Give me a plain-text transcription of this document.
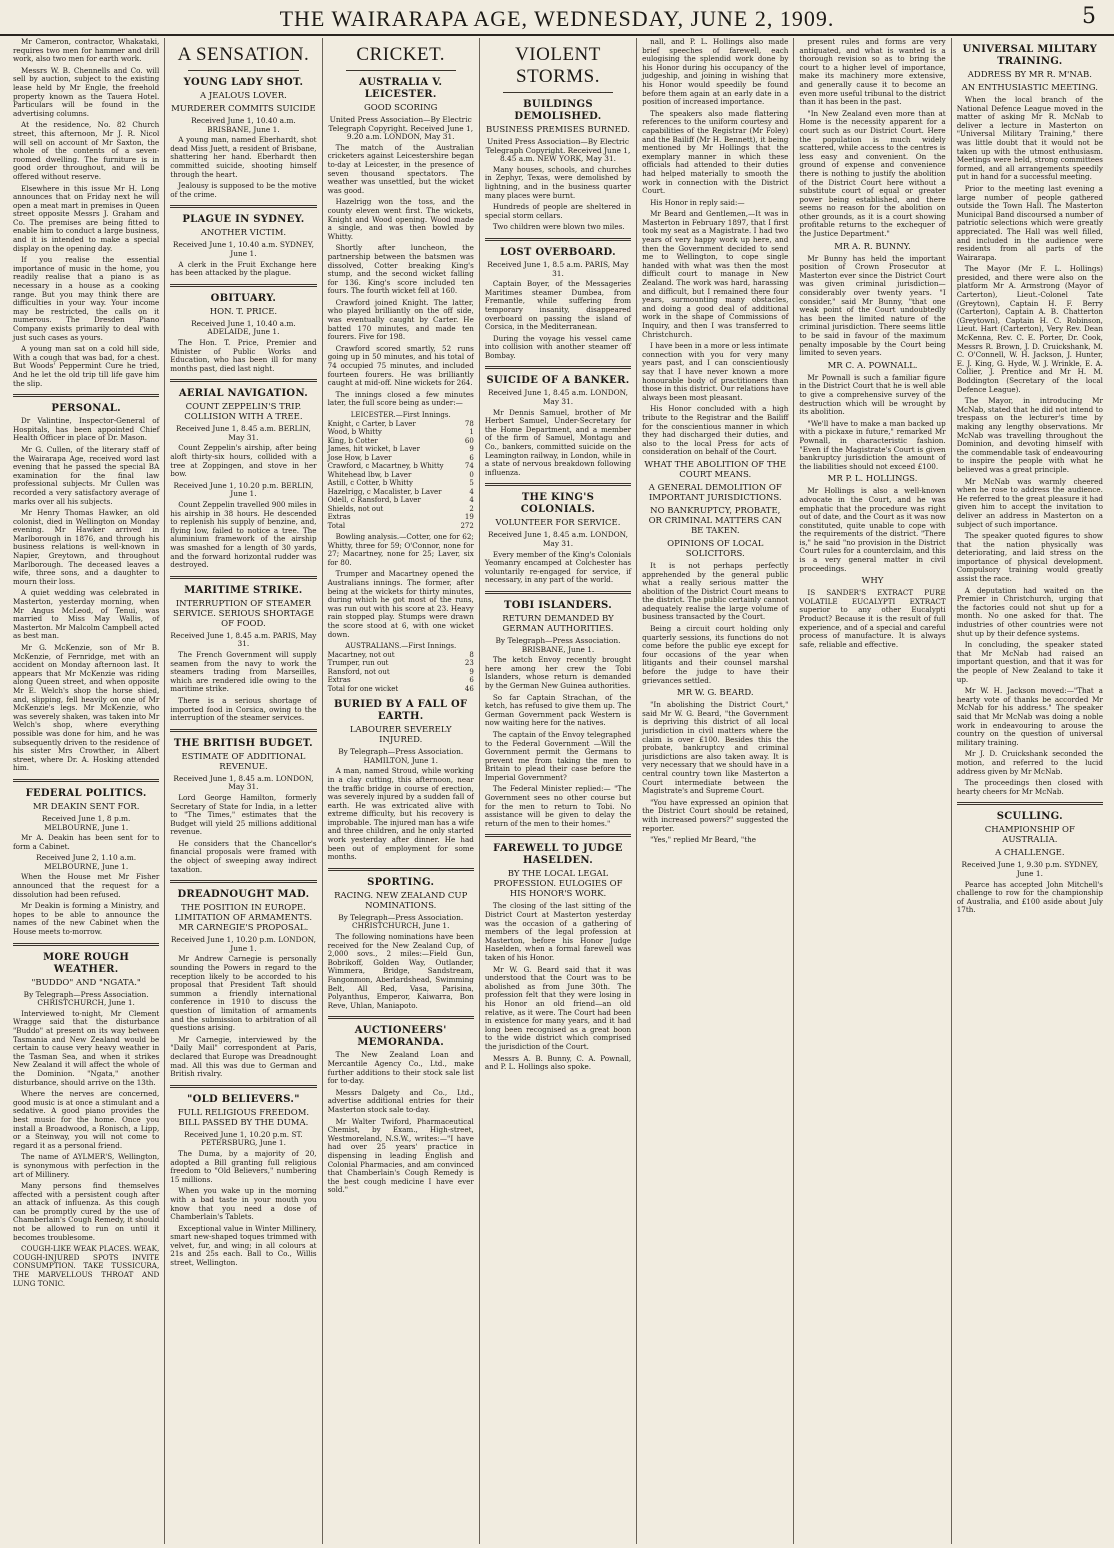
THE WAIRARAPA AGE, WEDNESDAY, JUNE 2, 1909.	5

Mr Cameron, contractor, Whakataki, requires two men for hammer and drill work, also two men for earth work.

Messrs W. B. Chennells and Co. will sell by auction, subject to the existing lease held by Mr Engle, the freehold property known as the Tauera Hotel. Particulars will be found in the advertising columns.

At the residence, No. 82 Church street, this afternoon, Mr J. R. Nicol will sell on account of Mr Saxton, the whole of the contents of a seven-roomed dwelling. The furniture is in good order throughout, and will be offered without reserve.

Elsewhere in this issue Mr H. Long announces that on Friday next he will open a meat mart in premises in Queen street opposite Messrs J. Graham and Co. The premises are being fitted to enable him to conduct a large business, and it is intended to make a special display on the opening day.

If you realise the essential importance of music in the home, you readily realise that a piano is as necessary in a house as a cooking range. But you may think there are difficulties in your way. Your income may be restricted, the calls on it numerous. The Dresden Piano Company exists primarily to deal with just such cases as yours.

A young man sat on a cold hill side, With a cough that was bad, for a chest. But Woods' Peppermint Cure he tried, And he let the old trip till life gave him the slip.

PERSONAL.

Dr Valintine, Inspector-General of Hospitals, has been appointed Chief Health Officer in place of Dr. Mason.

Mr G. Cullen, of the literary staff of the Wairarapa Age, received word last evening that he passed the special BA examination for the final law professional subjects. Mr Cullen was recorded a very satisfactory average of marks over all his subjects.

Mr Henry Thomas Hawker, an old colonist, died in Wellington on Monday evening. Mr Hawker arrived in Marlborough in 1876, and through his business relations is well-known in Napier, Greytown, and throughout Marlborough. The deceased leaves a wife, three sons, and a daughter to mourn their loss.

A quiet wedding was celebrated in Masterton, yesterday morning, when Mr Angus McLeod, of Tenui, was married to Miss May Wallis, of Masterton. Mr Malcolm Campbell acted as best man.

Mr G. McKenzie, son of Mr B. McKenzie, of Fernridge, met with an accident on Monday afternoon last. It appears that Mr McKenzie was riding along Queen street, and when opposite Mr E. Welch's shop the horse shied, and, slipping, fell heavily on one of Mr McKenzie's legs. Mr McKenzie, who was severely shaken, was taken into Mr Welch's shop, where everything possible was done for him, and he was subsequently driven to the residence of his sister Mrs Crowther, in Albert street, where Dr. A. Hosking attended him.

FEDERAL POLITICS.
MR DEAKIN SENT FOR.

Received June 1, 8 p.m. MELBOURNE, June 1.

Mr A. Deakin has been sent for to form a Cabinet.

Received June 2, 1.10 a.m. MELBOURNE, June 1.

When the House met Mr Fisher announced that the request for a dissolution had been refused.

Mr Deakin is forming a Ministry, and hopes to be able to announce the names of the new Cabinet when the House meets to-morrow.

MORE ROUGH WEATHER.
"BUDDO" AND "NGATA."

By Telegraph—Press Association. CHRISTCHURCH, June 1.

Interviewed to-night, Mr Clement Wragge said that the disturbance "Buddo" at present on its way between Tasmania and New Zealand would be certain to cause very heavy weather in the Tasman Sea, and when it strikes New Zealand it will affect the whole of the Dominion. "Ngata," another disturbance, should arrive on the 13th.

Where the nerves are concerned, good music is at once a stimulant and a sedative. A good piano provides the best music for the home. Once you install a Broadwood, a Ronisch, a Lipp, or a Steinway, you will not come to regard it as a personal friend.

The name of AYLMER'S, Wellington, is synonymous with perfection in the art of Millinery.

Many persons find themselves affected with a persistent cough after an attack of influenza. As this cough can be promptly cured by the use of Chamberlain's Cough Remedy, it should not be allowed to run on until it becomes troublesome.

COUGH-LIKE WEAK PLACES. WEAK, COUGH-INJURED SPOTS INVITE CONSUMPTION. TAKE TUSSICURA, THE MARVELLOUS THROAT AND LUNG TONIC.

A SENSATION.
YOUNG LADY SHOT.
A JEALOUS LOVER.
MURDERER COMMITS SUICIDE

Received June 1, 10.40 a.m. BRISBANE, June 1.

A young man, named Eberhardt, shot dead Miss Juett, a resident of Brisbane, shattering her hand. Eberhardt then committed suicide, shooting himself through the heart.

Jealousy is supposed to be the motive of the crime.

PLAGUE IN SYDNEY.
ANOTHER VICTIM.

Received June 1, 10.40 a.m. SYDNEY, June 1.

A clerk in the Fruit Exchange here has been attacked by the plague.

OBITUARY.
HON. T. PRICE.

Received June 1, 10.40 a.m. ADELAIDE, June 1.

The Hon. T. Price, Premier and Minister of Public Works and Education, who has been ill for many months past, died last night.

AERIAL NAVIGATION.
COUNT ZEPPELIN'S TRIP. COLLISION WITH A TREE.

Received June 1, 8.45 a.m. BERLIN, May 31.

Count Zeppelin's airship, after being aloft thirty-six hours, collided with a tree at Zoppingen, and stove in her bow.

Received June 1, 10.20 p.m. BERLIN, June 1.

Count Zeppelin travelled 900 miles in his airship in 38 hours. He descended to replenish his supply of benzine, and, flying low, failed to notice a tree. The aluminium framework of the airship was smashed for a length of 30 yards, and the forward horizontal rudder was destroyed.

MARITIME STRIKE.
INTERRUPTION OF STEAMER SERVICE. SERIOUS SHORTAGE OF FOOD.

Received June 1, 8.45 a.m. PARIS, May 31.

The French Government will supply seamen from the navy to work the steamers trading from Marseilles, which are rendered idle owing to the maritime strike.

There is a serious shortage of imported food in Corsica, owing to the interruption of the steamer services.

THE BRITISH BUDGET.
ESTIMATE OF ADDITIONAL REVENUE.

Received June 1, 8.45 a.m. LONDON, May 31.

Lord George Hamilton, formerly Secretary of State for India, in a letter to "The Times," estimates that the Budget will yield 25 millions additional revenue.

He considers that the Chancellor's financial proposals were framed with the object of sweeping away indirect taxation.

DREADNOUGHT MAD.
THE POSITION IN EUROPE. LIMITATION OF ARMAMENTS. MR CARNEGIE'S PROPOSAL.

Received June 1, 10.20 p.m. LONDON, June 1.

Mr Andrew Carnegie is personally sounding the Powers in regard to the reception likely to be accorded to his proposal that President Taft should summon a friendly international conference in 1910 to discuss the question of limitation of armaments and the submission to arbitration of all questions arising.

Mr Carnegie, interviewed by the "Daily Mail" correspondent at Paris, declared that Europe was Dreadnought mad. All this was due to German and British rivalry.

"OLD BELIEVERS."
FULL RELIGIOUS FREEDOM. BILL PASSED BY THE DUMA.

Received June 1, 10.20 p.m. ST. PETERSBURG, June 1.

The Duma, by a majority of 20, adopted a Bill granting full religious freedom to "Old Believers," numbering 15 millions.

When you wake up in the morning with a bad taste in your mouth you know that you need a dose of Chamberlain's Tablets.

Exceptional value in Winter Millinery, smart new-shaped toques trimmed with velvet, fur, and wing; in all colours at 21s and 25s each. Ball to Co., Willis street, Wellington.

CRICKET.
AUSTRALIA V. LEICESTER.
GOOD SCORING

United Press Association—By Electric Telegraph Copyright. Received June 1, 9.20 a.m. LONDON, May 31.

The match of the Australian cricketers against Leicestershire began to-day at Leicester, in the presence of seven thousand spectators. The weather was unsettled, but the wicket was good.

Hazelrigg won the toss, and the county eleven went first. The wickets, Knight and Wood opening. Wood made a single, and was then bowled by Whitty.

Shortly after luncheon, the partnership between the batsmen was dissolved, Cotter breaking King's stump, and the second wicket falling for 136. King's score included ten fours. The fourth wicket fell at 160.

Crawford joined Knight. The latter, who played brilliantly on the off side, was eventually caught by Carter. He batted 170 minutes, and made ten fourers. Five for 198.

Crawford scored smartly, 52 runs going up in 50 minutes, and his total of 74 occupied 75 minutes, and included fourteen fourers. He was brilliantly caught at mid-off. Nine wickets for 264.

The innings closed a few minutes later, the full score being as under:—

LEICESTER.—First Innings.
Knight, c Carter, b Laver	78
Wood, b Whitty	1
King, b Cotter	60
James, hit wicket, b Laver	9
Jose How, b Laver	6
Crawford, c Macartney, b Whitty	74
Whitehead lbw, b Laver	0
Astill, c Cotter, b Whitty	5
Hazelrigg, c Macalister, b Laver	4
Odell, c Ransford, b Laver	4
Shields, not out	2
Extras	19
Total	272

Bowling analysis.—Cotter, one for 62; Whitty, three for 59; O'Connor, none for 27; Macartney, none for 25; Laver, six for 80.

Trumper and Macartney opened the Australians innings. The former, after being at the wickets for thirty minutes, during which he got most of the runs, was run out with his score at 23. Heavy rain stopped play. Stumps were drawn the score stood at 6, with one wicket down.

AUSTRALIANS.—First Innings.
Macartney, not out	8
Trumper, run out	23
Ransford, not out	9
Extras	6
Total for one wicket	46
BURIED BY A FALL OF EARTH.
LABOURER SEVERELY INJURED.

By Telegraph—Press Association. HAMILTON, June 1.

A man, named Stroud, while working in a clay cutting, this afternoon, near the traffic bridge in course of erection, was severely injured by a sudden fall of earth. He was extricated alive with extreme difficulty, but his recovery is improbable. The injured man has a wife and three children, and he only started work yesterday after dinner. He had been out of employment for some months.

SPORTING.
RACING. NEW ZEALAND CUP NOMINATIONS.

By Telegraph—Press Association. CHRISTCHURCH, June 1.

The following nominations have been received for the New Zealand Cup, of 2,000 sovs., 2 miles:—Field Gun, Bobrikoff, Golden Way, Outlander, Wimmera, Bridge, Sandstream, Fangonmon, Aberlardshead, Swimming Belt, All Red, Vasa, Parisina, Polyanthus, Emperor, Kaiwarra, Bon Reve, Uhlan, Maniapoto.

AUCTIONEERS' MEMORANDA.

The New Zealand Loan and Mercantile Agency Co., Ltd., make further additions to their stock sale list for to-day.

Messrs Dalgety and Co., Ltd., advertise additional entries for their Masterton stock sale to-day.

Mr Walter Twiford, Pharmaceutical Chemist, by Exam., High-street, Westmoreland, N.S.W., writes:—"I have had over 25 years' practice in dispensing in leading English and Colonial Pharmacies, and am convinced that Chamberlain's Cough Remedy is the best cough medicine I have ever sold."

VIOLENT STORMS.
BUILDINGS DEMOLISHED.
BUSINESS PREMISES BURNED.

United Press Association—By Electric Telegraph Copyright. Received June 1, 8.45 a.m. NEW YORK, May 31.

Many houses, schools, and churches in Zephyr, Texas, were demolished by lightning, and in the business quarter many places were burnt.

Hundreds of people are sheltered in special storm cellars.

Two children were blown two miles.

LOST OVERBOARD.

Received June 1, 8.5 a.m. PARIS, May 31.

Captain Boyer, of the Messageries Maritimes steamer Dumbea, from Fremantle, while suffering from temporary insanity, disappeared overboard on passing the island of Corsica, in the Mediterranean.

During the voyage his vessel came into collision with another steamer off Bombay.

SUICIDE OF A BANKER.

Received June 1, 8.45 a.m. LONDON, May 31.

Mr Dennis Samuel, brother of Mr Herbert Samuel, Under-Secretary for the Home Department, and a member of the firm of Samuel, Montagu and Co., bankers, committed suicide on the Leamington railway, in London, while in a state of nervous breakdown following influenza.

THE KING'S COLONIALS.
VOLUNTEER FOR SERVICE.

Received June 1, 8.45 a.m. LONDON, May 31.

Every member of the King's Colonials Yeomanry encamped at Colchester has voluntarily re-engaged for service, if necessary, in any part of the world.

TOBI ISLANDERS.
RETURN DEMANDED BY GERMAN AUTHORITIES.

By Telegraph—Press Association. BRISBANE, June 1.

The ketch Envoy recently brought here among her crew the Tobi Islanders, whose return is demanded by the German New Guinea authorities.

So far Captain Strachan, of the ketch, has refused to give them up. The German Government pack Western is now waiting here for the natives.

The captain of the Envoy telegraphed to the Federal Government —Will the Government permit the Germans to prevent me from taking the men to Britain to plead their case before the Imperial Government?

The Federal Minister replied:— "The Government sees no other course but for the men to return to Tobi. No assistance will be given to delay the return of the men to their homes."

FAREWELL TO JUDGE HASELDEN.
BY THE LOCAL LEGAL PROFESSION. EULOGIES OF HIS HONOR'S WORK.

The closing of the last sitting of the District Court at Masterton yesterday was the occasion of a gathering of members of the legal profession at Masterton, before his Honor Judge Haselden, when a formal farewell was taken of his Honor.

Mr W. G. Beard said that it was understood that the Court was to be abolished as from June 30th. The profession felt that they were losing in his Honor an old friend—an old relative, as it were. The Court had been in existence for many years, and it had long been recognised as a great boon to the wide district which comprised the jurisdiction of the Court.

Messrs A. B. Bunny, C. A. Pownall, and P. L. Hollings also spoke.

nall, and P. L. Hollings also made brief speeches of farewell, each eulogising the splendid work done by his Honor during his occupancy of the judgeship, and joining in wishing that his Honor would speedily be found before them again at an early date in a position of increased importance.

The speakers also made flattering references to the uniform courtesy and capabilities of the Registrar (Mr Foley) and the Bailiff (Mr H. Bennett), it being mentioned by Mr Hollings that the exemplary manner in which these officials had attended to their duties had helped materially to smooth the work in connection with the District Court.

His Honor in reply said:—

Mr Beard and Gentlemen,—It was in Masterton in February 1897, that I first took my seat as a Magistrate. I had two years of very happy work up here, and then the Government decided to send me to Wellington, to cope single handed with what was then the most difficult court to manage in New Zealand. The work was hard, harassing and difficult, but I remained there four years, surmounting many obstacles, and doing a good deal of additional work in the shape of Commissions of Inquiry, and then I was transferred to Christchurch.

I have been in a more or less intimate connection with you for very many years past, and I can conscientiously say that I have never known a more honourable body of practitioners than those in this district. Our relations have always been most pleasant.

His Honor concluded with a high tribute to the Registrar and the Bailiff for the conscientious manner in which they had discharged their duties, and also to the local Press for acts of consideration on behalf of the Court.

WHAT THE ABOLITION OF THE COURT MEANS.
A GENERAL DEMOLITION OF IMPORTANT JURISDICTIONS.
NO BANKRUPTCY, PROBATE, OR CRIMINAL MATTERS CAN BE TAKEN.
OPINIONS OF LOCAL SOLICITORS.

It is not perhaps perfectly apprehended by the general public what a really serious matter the abolition of the District Court means to the district. The public certainly cannot adequately realise the large volume of business transacted by the Court.

Being a circuit court holding only quarterly sessions, its functions do not come before the public eye except for four occasions of the year when litigants and their counsel marshal before the judge to have their grievances settled.

MR W. G. BEARD.

"In abolishing the District Court," said Mr W. G. Beard, "the Government is depriving this district of all local jurisdiction in civil matters where the claim is over £100. Besides this the probate, bankruptcy and criminal jurisdictions are also taken away. It is very necessary that we should have in a central country town like Masterton a Court intermediate between the Magistrate's and Supreme Court.

"You have expressed an opinion that the District Court should be retained, with increased powers?" suggested the reporter.

"Yes," replied Mr Beard, "the

present rules and forms are very antiquated, and what is wanted is a thorough revision so as to bring the court to a higher level of importance, make its machinery more extensive, and generally cause it to become an even more useful tribunal to the district than it has been in the past.

"In New Zealand even more than at Home is the necessity apparent for a court such as our District Court. Here the population is much widely scattered, while access to the centres is less easy and convenient. On the ground of expense and convenience there is nothing to justify the abolition of the District Court here without a substitute court of equal or greater power being established, and there seems no reason for the abolition on other grounds, as it is a court showing profitable returns to the exchequer of the Justice Department."

MR A. R. BUNNY.

Mr Bunny has held the important position of Crown Prosecutor at Masterton ever since the District Court was given criminal jurisdiction—considerably over twenty years. "I consider," said Mr Bunny, "that one weak point of the Court undoubtedly has been the limited nature of the criminal jurisdiction. There seems little to be said in favour of the maximum penalty imposable by the Court being limited to seven years.

MR C. A. POWNALL.

Mr Pownall is such a familiar figure in the District Court that he is well able to give a comprehensive survey of the destruction which will be wrought by its abolition.

"We'll have to make a man backed up with a pickaxe in future," remarked Mr Pownall, in characteristic fashion. "Even if the Magistrate's Court is given bankruptcy jurisdiction the amount of the liabilities should not exceed £100.

MR P. L. HOLLINGS.

Mr Hollings is also a well-known advocate in the Court, and he was emphatic that the procedure was right out of date, and the Court as it was now constituted, quite unable to cope with the requirements of the district. "There is," he said "no provision in the District Court rules for a counterclaim, and this is a very general matter in civil proceedings.

WHY

IS SANDER'S EXTRACT PURE VOLATILE EUCALYPTI EXTRACT superior to any other Eucalypti Product? Because it is the result of full experience, and of a special and careful process of manufacture. It is always safe, reliable and effective.

UNIVERSAL MILITARY TRAINING.
ADDRESS BY MR R. M'NAB.
AN ENTHUSIASTIC MEETING.

When the local branch of the National Defence League moved in the matter of asking Mr R. McNab to deliver a lecture in Masterton on "Universal Military Training," there was little doubt that it would not be taken up with the utmost enthusiasm. Meetings were held, strong committees formed, and all arrangements speedily put in hand for a successful meeting.

Prior to the meeting last evening a large number of people gathered outside the Town Hall. The Masterton Municipal Band discoursed a number of patriotic selections which were greatly appreciated. The Hall was well filled, and included in the audience were residents from all parts of the Wairarapa.

The Mayor (Mr F. L. Hollings) presided, and there were also on the platform Mr A. Armstrong (Mayor of Carterton), Lieut.-Colonel Tate (Greytown), Captain H. F. Berry (Carterton), Captain A. B. Chatterton (Greytown), Captain H. C. Robinson, Lieut. Hart (Carterton), Very Rev. Dean McKenna, Rev. C. E. Porter, Dr. Cook, Messrs R. Brown, J. D. Cruickshank, M. C. O'Connell, W. H. Jackson, J. Hunter, E. J. King, G. Hyde, W. J. Wrinkle, E. A. Collier, J. Prentice and Mr H. M. Boddington (Secretary of the local Defence League).

The Mayor, in introducing Mr McNab, stated that he did not intend to trespass on the lecturer's time by making any lengthy observations. Mr McNab was travelling throughout the Dominion, and devoting himself with the commendable task of endeavouring to inspire the people with what he believed was a great principle.

Mr McNab was warmly cheered when he rose to address the audience. He referred to the great pleasure it had given him to accept the invitation to deliver an address in Masterton on a subject of such importance.

The speaker quoted figures to show that the nation physically was deteriorating, and laid stress on the importance of physical development. Compulsory training would greatly assist the race.

A deputation had waited on the Premier in Christchurch, urging that the factories could not shut up for a month. No one asked for that. The industries of other countries were not shut up by their defence systems.

In concluding, the speaker stated that Mr McNab had raised an important question, and that it was for the people of New Zealand to take it up.

Mr W. H. Jackson moved:—"That a hearty vote of thanks be accorded Mr McNab for his address." The speaker said that Mr McNab was doing a noble work in endeavouring to arouse the country on the question of universal military training.

Mr J. D. Cruickshank seconded the motion, and referred to the lucid address given by Mr McNab.

The proceedings then closed with hearty cheers for Mr McNab.

SCULLING.
CHAMPIONSHIP OF AUSTRALIA.
A CHALLENGE.

Received June 1, 9.30 p.m. SYDNEY, June 1.

Pearce has accepted John Mitchell's challenge to row for the championship of Australia, and £100 aside about July 17th.
